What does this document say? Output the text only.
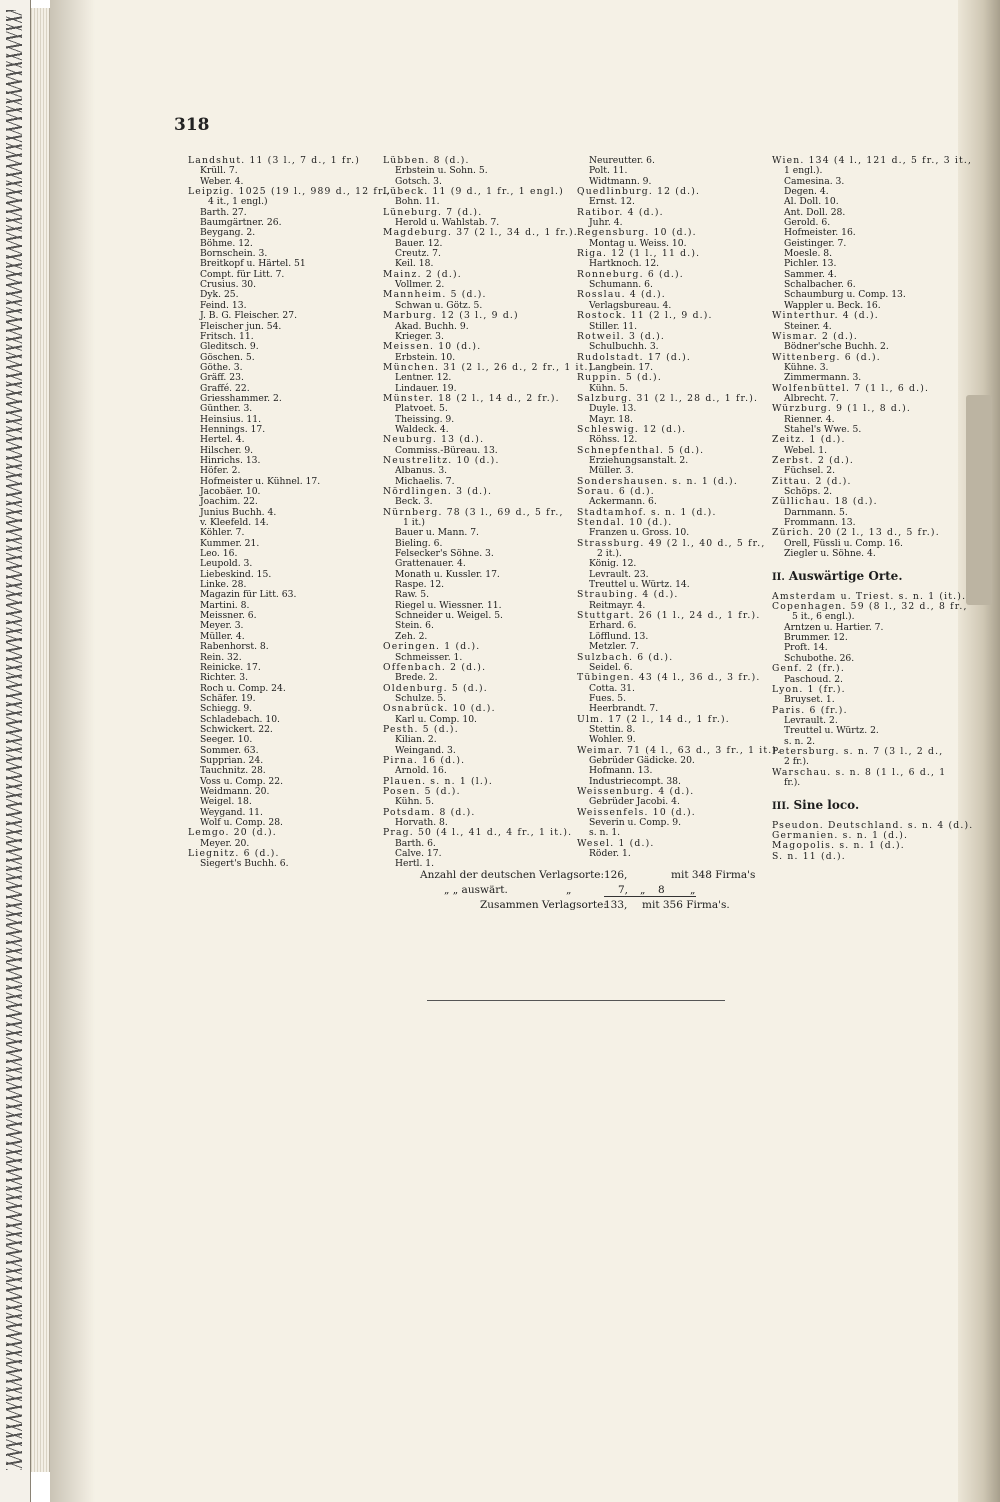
318
Landshut. 11 (3 l., 7 d., 1 fr.)
Krüll. 7.
Weber. 4.
Leipzig. 1025 (19 l., 989 d., 12 fr.,
4 it., 1 engl.)
Barth. 27.
Baumgärtner. 26.
Beygang. 2.
Böhme. 12.
Bornschein. 3.
Breitkopf u. Härtel. 51
Compt. für Litt. 7.
Crusius. 30.
Dyk. 25.
Feind. 13.
J. B. G. Fleischer. 27.
Fleischer jun. 54.
Fritsch. 11.
Gleditsch. 9.
Göschen. 5.
Göthe. 3.
Gräff. 23.
Graffé. 22.
Griesshammer. 2.
Günther. 3.
Heinsius. 11.
Hennings. 17.
Hertel. 4.
Hilscher. 9.
Hinrichs. 13.
Höfer. 2.
Hofmeister u. Kühnel. 17.
Jacobäer. 10.
Joachim. 22.
Junius Buchh. 4.
v. Kleefeld. 14.
Köhler. 7.
Kummer. 21.
Leo. 16.
Leupold. 3.
Liebeskind. 15.
Linke. 28.
Magazin für Litt. 63.
Martini. 8.
Meissner. 6.
Meyer. 3.
Müller. 4.
Rabenhorst. 8.
Rein. 32.
Reinicke. 17.
Richter. 3.
Roch u. Comp. 24.
Schäfer. 19.
Schiegg. 9.
Schladebach. 10.
Schwickert. 22.
Seeger. 10.
Sommer. 63.
Supprian. 24.
Tauchnitz. 28.
Voss u. Comp. 22.
Weidmann. 20.
Weigel. 18.
Weygand. 11.
Wolf u. Comp. 28.
Lemgo. 20 (d.).
Meyer. 20.
Liegnitz. 6 (d.).
Siegert's Buchh. 6.
Lübben. 8 (d.).
Erbstein u. Sohn. 5.
Gotsch. 3.
Lübeck. 11 (9 d., 1 fr., 1 engl.)
Bohn. 11.
Lüneburg. 7 (d.).
Herold u. Wahlstab. 7.
Magdeburg. 37 (2 l., 34 d., 1 fr.).
Bauer. 12.
Creutz. 7.
Keil. 18.
Mainz. 2 (d.).
Vollmer. 2.
Mannheim. 5 (d.).
Schwan u. Götz. 5.
Marburg. 12 (3 l., 9 d.)
Akad. Buchh. 9.
Krieger. 3.
Meissen. 10 (d.).
Erbstein. 10.
München. 31 (2 l., 26 d., 2 fr., 1 it.)
Lentner. 12.
Lindauer. 19.
Münster. 18 (2 l., 14 d., 2 fr.).
Platvoet. 5.
Theissing. 9.
Waldeck. 4.
Neuburg. 13 (d.).
Commiss.-Büreau. 13.
Neustrelitz. 10 (d.).
Albanus. 3.
Michaelis. 7.
Nördlingen. 3 (d.).
Beck. 3.
Nürnberg. 78 (3 l., 69 d., 5 fr.,
1 it.)
Bauer u. Mann. 7.
Bieling. 6.
Felsecker's Söhne. 3.
Grattenauer. 4.
Monath u. Kussler. 17.
Raspe. 12.
Raw. 5.
Riegel u. Wiessner. 11.
Schneider u. Weigel. 5.
Stein. 6.
Zeh. 2.
Oeringen. 1 (d.).
Schmeisser. 1.
Offenbach. 2 (d.).
Brede. 2.
Oldenburg. 5 (d.).
Schulze. 5.
Osnabrück. 10 (d.).
Karl u. Comp. 10.
Pesth. 5 (d.).
Kilian. 2.
Weingand. 3.
Pirna. 16 (d.).
Arnold. 16.
Plauen. s. n. 1 (l.).
Posen. 5 (d.).
Kühn. 5.
Potsdam. 8 (d.).
Horvath. 8.
Prag. 50 (4 l., 41 d., 4 fr., 1 it.).
Barth. 6.
Calve. 17.
Hertl. 1.
Neureutter. 6.
Polt. 11.
Widtmann. 9.
Quedlinburg. 12 (d.).
Ernst. 12.
Ratibor. 4 (d.).
Juhr. 4.
Regensburg. 10 (d.).
Montag u. Weiss. 10.
Riga. 12 (1 l., 11 d.).
Hartknoch. 12.
Ronneburg. 6 (d.).
Schumann. 6.
Rosslau. 4 (d.).
Verlagsbureau. 4.
Rostock. 11 (2 l., 9 d.).
Stiller. 11.
Rotweil. 3 (d.).
Schulbuchh. 3.
Rudolstadt. 17 (d.).
Langbein. 17.
Ruppin. 5 (d.).
Kühn. 5.
Salzburg. 31 (2 l., 28 d., 1 fr.).
Duyle. 13.
Mayr. 18.
Schleswig. 12 (d.).
Röhss. 12.
Schnepfenthal. 5 (d.).
Erziehungsanstalt. 2.
Müller. 3.
Sondershausen. s. n. 1 (d.).
Sorau. 6 (d.).
Ackermann. 6.
Stadtamhof. s. n. 1 (d.).
Stendal. 10 (d.).
Franzen u. Gross. 10.
Strassburg. 49 (2 l., 40 d., 5 fr.,
2 it.).
König. 12.
Levrault. 23.
Treuttel u. Würtz. 14.
Straubing. 4 (d.).
Reitmayr. 4.
Stuttgart. 26 (1 l., 24 d., 1 fr.).
Erhard. 6.
Löfflund. 13.
Metzler. 7.
Sulzbach. 6 (d.).
Seidel. 6.
Tübingen. 43 (4 l., 36 d., 3 fr.).
Cotta. 31.
Fues. 5.
Heerbrandt. 7.
Ulm. 17 (2 l., 14 d., 1 fr.).
Stettin. 8.
Wohler. 9.
Weimar. 71 (4 l., 63 d., 3 fr., 1 it.).
Gebrüder Gädicke. 20.
Hofmann. 13.
Industriecompt. 38.
Weissenburg. 4 (d.).
Gebrüder Jacobi. 4.
Weissenfels. 10 (d.).
Severin u. Comp. 9.
s. n. 1.
Wesel. 1 (d.).
Röder. 1.
Wien. 134 (4 l., 121 d., 5 fr., 3 it.,
1 engl.).
Camesina. 3.
Degen. 4.
Al. Doll. 10.
Ant. Doll. 28.
Gerold. 6.
Hofmeister. 16.
Geistinger. 7.
Moesle. 8.
Pichler. 13.
Sammer. 4.
Schalbacher. 6.
Schaumburg u. Comp. 13.
Wappler u. Beck. 16.
Winterthur. 4 (d.).
Steiner. 4.
Wismar. 2 (d.).
Bödner'sche Buchh. 2.
Wittenberg. 6 (d.).
Kühne. 3.
Zimmermann. 3.
Wolfenbüttel. 7 (1 l., 6 d.).
Albrecht. 7.
Würzburg. 9 (1 l., 8 d.).
Rienner. 4.
Stahel's Wwe. 5.
Zeitz. 1 (d.).
Webel. 1.
Zerbst. 2 (d.).
Füchsel. 2.
Zittau. 2 (d.).
Schöps. 2.
Züllichau. 18 (d.).
Darnmann. 5.
Frommann. 13.
Zürich. 20 (2 l., 13 d., 5 fr.).
Orell, Füssli u. Comp. 16.
Ziegler u. Söhne. 4.
II. Auswärtige Orte.
Amsterdam u. Triest. s. n. 1 (it.).
Copenhagen. 59 (8 l., 32 d., 8 fr.,
5 it., 6 engl.).
Arntzen u. Hartier. 7.
Brummer. 12.
Proft. 14.
Schubothe. 26.
Genf. 2 (fr.).
Paschoud. 2.
Lyon. 1 (fr.).
Bruyset. 1.
Paris. 6 (fr.).
Levrault. 2.
Treuttel u. Würtz. 2.
s. n. 2.
Petersburg. s. n. 7 (3 l., 2 d.,
2 fr.).
Warschau. s. n. 8 (1 l., 6 d., 1
fr.).
III. Sine loco.
Pseudon. Deutschland. s. n. 4 (d.).
Germanien. s. n. 1 (d.).
Magopolis. s. n. 1 (d.).
S. n. 11 (d.).
Anzahl der deutschen Verlagsorte: 126,	mit 348 Firma's
„ „ auswärt.	„	7, „ 8 „
Zusammen Verlagsorte:
133, mit 356 Firma's.
